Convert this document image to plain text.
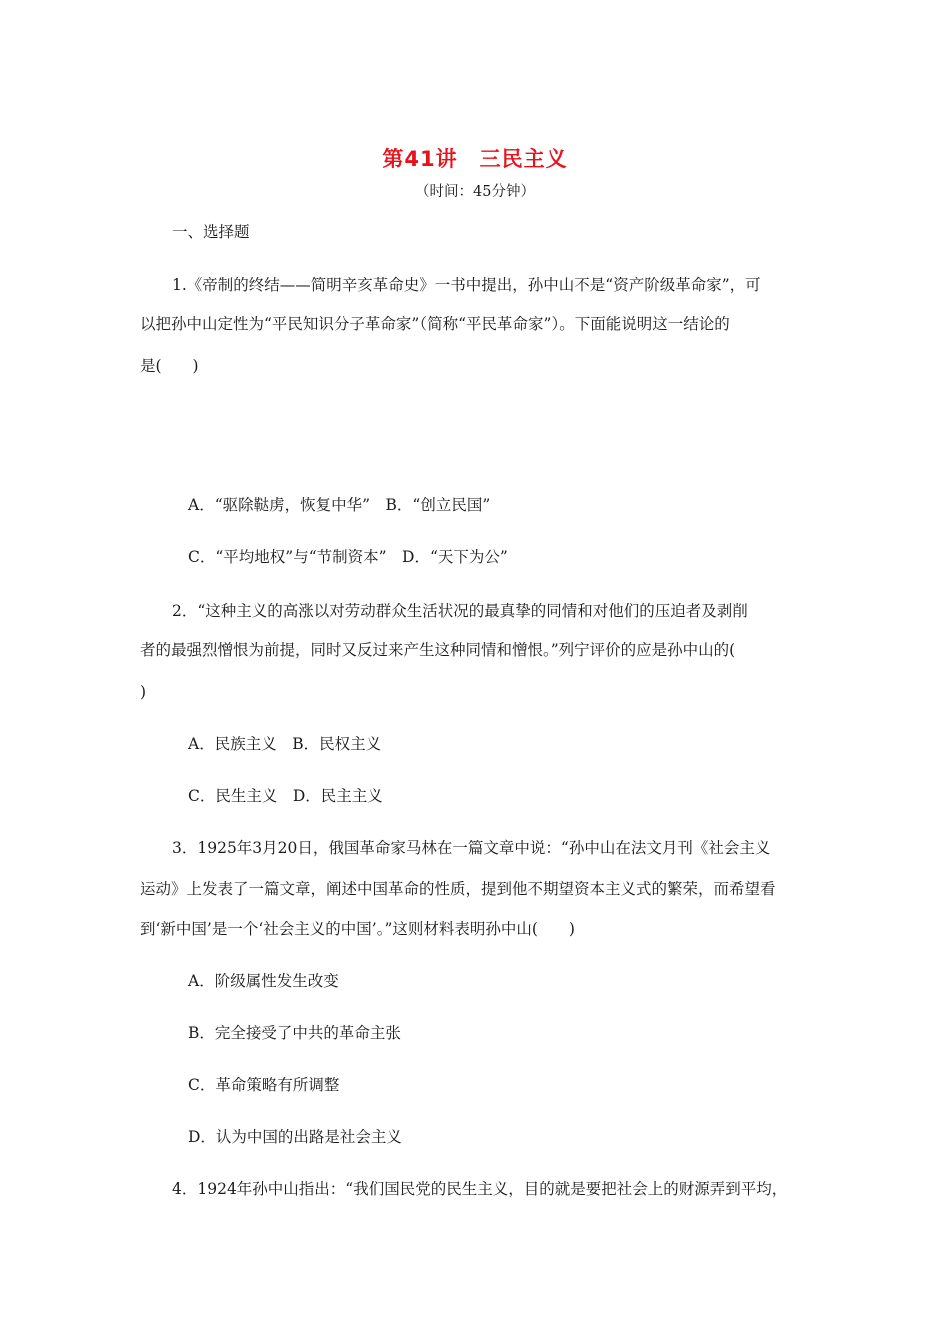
第41讲　三民主义
（时间：45分钟）
一、选择题
1.《帝制的终结——简明辛亥革命史》一书中提出，孙中山不是“资产阶级革命家”，可
以把孙中山定性为“平民知识分子革命家”（简称“平民革命家”）。下面能说明这一结论的
是(　　)
A．“驱除鞑虏，恢复中华”　B．“创立民国”
C．“平均地权”与“节制资本”　D．“天下为公”
2．“这种主义的高涨以对劳动群众生活状况的最真挚的同情和对他们的压迫者及剥削
者的最强烈憎恨为前提，同时又反过来产生这种同情和憎恨。”列宁评价的应是孙中山的(
)
A．民族主义　B．民权主义
C．民生主义　D．民主主义
3．1925年3月20日，俄国革命家马林在一篇文章中说：“孙中山在法文月刊《社会主义
运动》上发表了一篇文章，阐述中国革命的性质，提到他不期望资本主义式的繁荣，而希望看
到‘新中国’是一个‘社会主义的中国’。”这则材料表明孙中山(　　)
A．阶级属性发生改变
B．完全接受了中共的革命主张
C．革命策略有所调整
D．认为中国的出路是社会主义
4．1924年孙中山指出：“我们国民党的民生主义，目的就是要把社会上的财源弄到平均，
